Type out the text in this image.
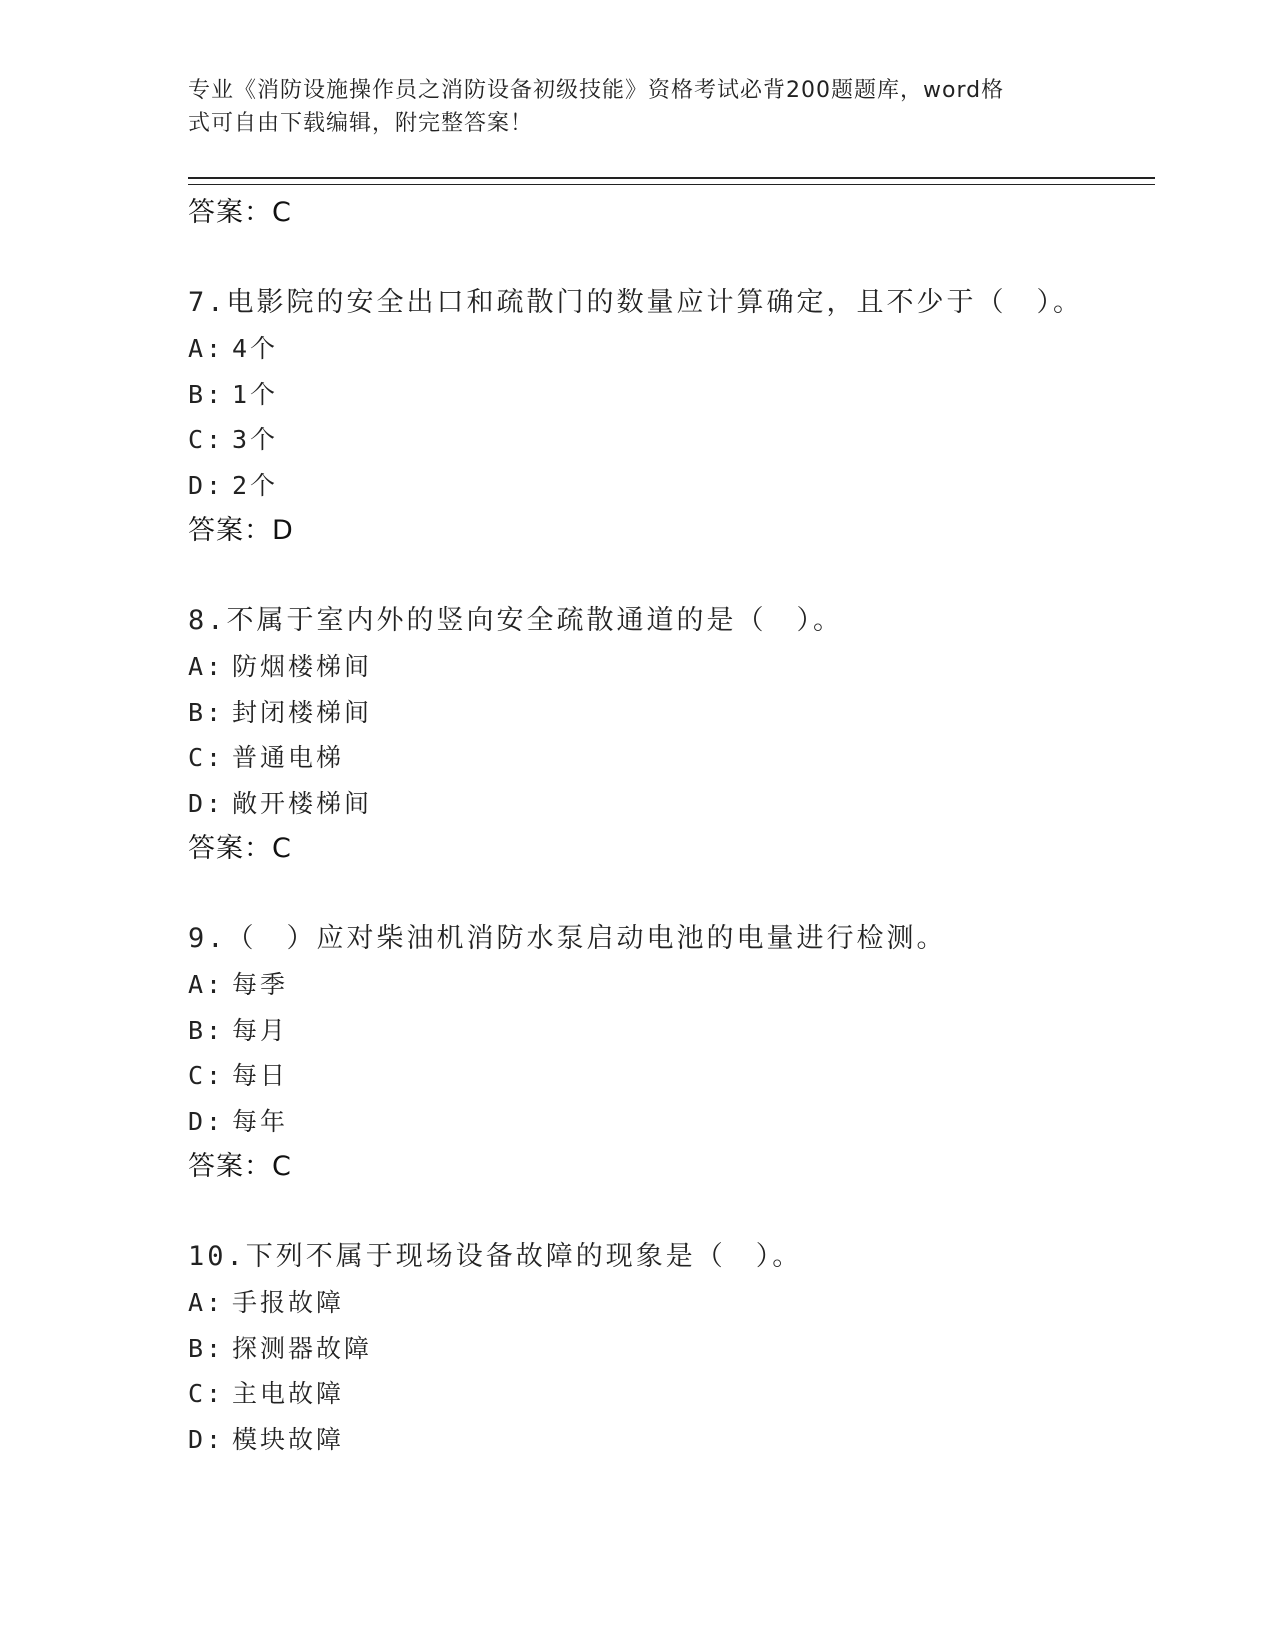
专业《消防设施操作员之消防设备初级技能》资格考试必背200题题库，word格
式可自由下载编辑，附完整答案！
答案：C
7.电影院的安全出口和疏散门的数量应计算确定，且不少于（　）。
A: 4个
B: 1个
C: 3个
D: 2个
答案：D
8.不属于室内外的竖向安全疏散通道的是（　）。
A: 防烟楼梯间
B: 封闭楼梯间
C: 普通电梯
D: 敞开楼梯间
答案：C
9.（　）应对柴油机消防水泵启动电池的电量进行检测。
A: 每季
B: 每月
C: 每日
D: 每年
答案：C
10.下列不属于现场设备故障的现象是（　）。
A: 手报故障
B: 探测器故障
C: 主电故障
D: 模块故障
